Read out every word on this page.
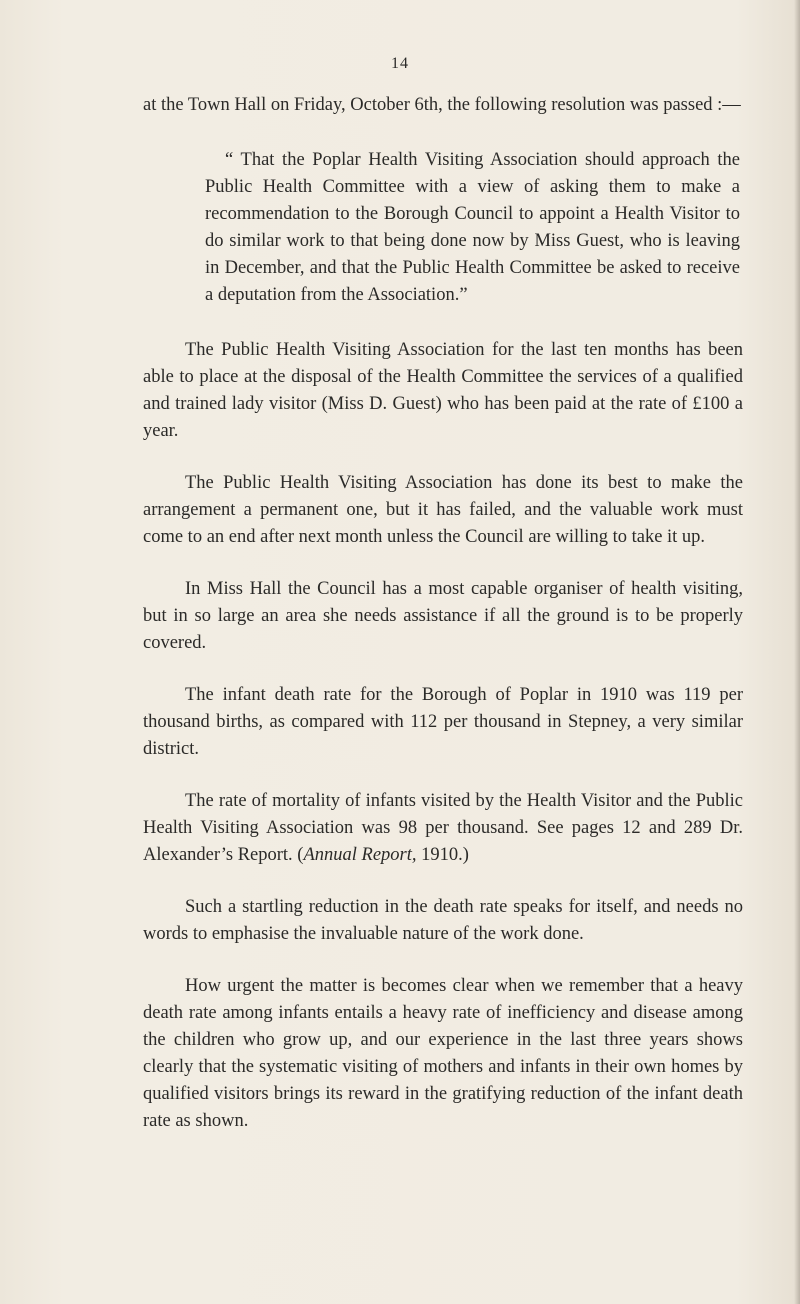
14

at the Town Hall on Friday, October 6th, the following resolution was passed :—

“ That the Poplar Health Visiting Association should approach the Public Health Committee with a view of asking them to make a recommendation to the Borough Council to appoint a Health Visitor to do similar work to that being done now by Miss Guest, who is leaving in December, and that the Public Health Committee be asked to receive a deputation from the Association.”

The Public Health Visiting Association for the last ten months has been able to place at the disposal of the Health Committee the services of a qualified and trained lady visitor (Miss D. Guest) who has been paid at the rate of £100 a year.

The Public Health Visiting Association has done its best to make the arrangement a permanent one, but it has failed, and the valuable work must come to an end after next month unless the Council are willing to take it up.

In Miss Hall the Council has a most capable organiser of health visiting, but in so large an area she needs assistance if all the ground is to be properly covered.

The infant death rate for the Borough of Poplar in 1910 was 119 per thousand births, as compared with 112 per thousand in Stepney, a very similar district.

The rate of mortality of infants visited by the Health Visitor and the Public Health Visiting Association was 98 per thousand. See pages 12 and 289 Dr. Alexander’s Report. (Annual Report, 1910.)

Such a startling reduction in the death rate speaks for itself, and needs no words to emphasise the invaluable nature of the work done.

How urgent the matter is becomes clear when we remember that a heavy death rate among infants entails a heavy rate of inefficiency and disease among the children who grow up, and our experience in the last three years shows clearly that the systematic visiting of mothers and infants in their own homes by qualified visitors brings its reward in the gratifying reduction of the infant death rate as shown.
